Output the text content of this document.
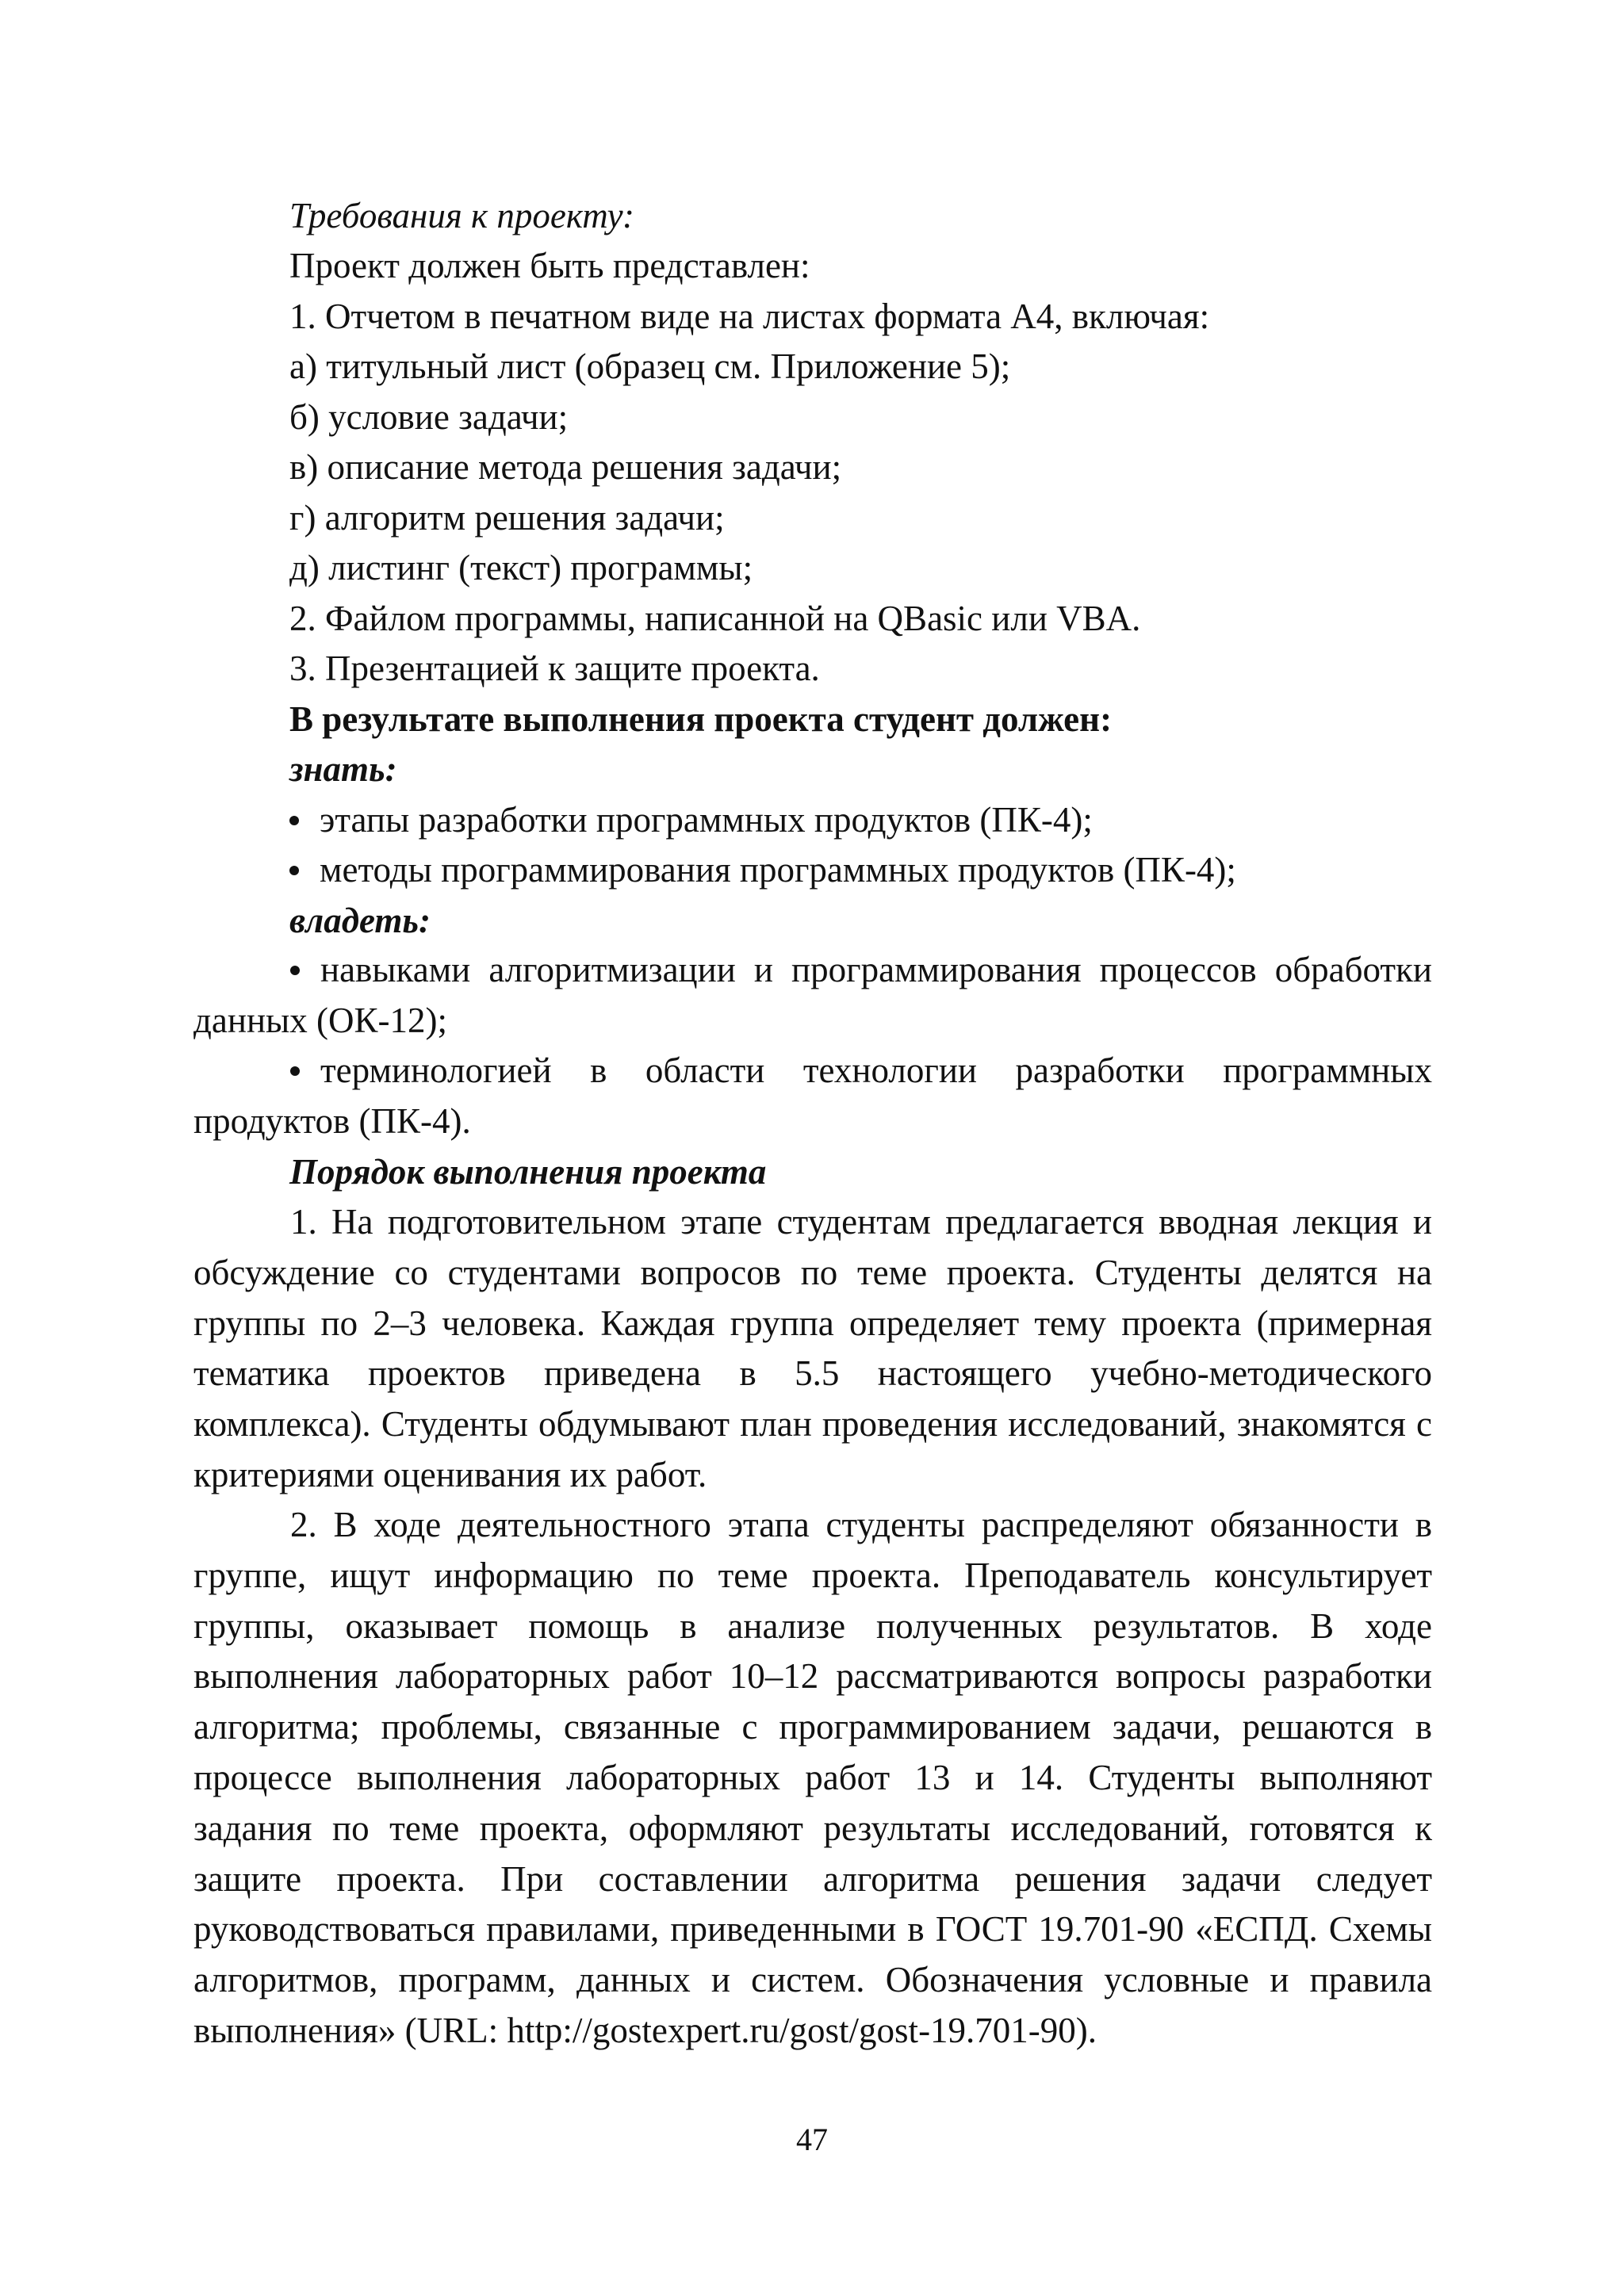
Требования к проекту:
Проект должен быть представлен:
1. Отчетом в печатном виде на листах формата А4, включая:
а) титульный лист (образец см. Приложение 5);
б) условие задачи;
в) описание метода решения задачи;
г) алгоритм решения задачи;
д) листинг (текст) программы;
2. Файлом программы, написанной на QBasic или VBA.
3. Презентацией к защите проекта.
В результате выполнения проекта студент должен:
знать:
этапы разработки программных продуктов (ПК-4);
методы программирования программных продуктов (ПК-4);
владеть:

навыками алгоритмизации и программирования процессов обработки данных (ОК-12);

терминологией в области технологии разработки программных продуктов (ПК-4).

Порядок выполнения проекта

1. На подготовительном этапе студентам предлагается вводная лекция и обсуждение со студентами вопросов по теме проекта. Студенты делятся на группы по 2–3 человека. Каждая группа определяет тему проекта (примерная тематика проектов приведена в 5.5 настоящего учебно-методического комплекса). Студенты обдумывают план проведения исследований, знакомятся с критериями оценивания их работ.

2. В ходе деятельностного этапа студенты распределяют обязанности в группе, ищут информацию по теме проекта. Преподаватель консультирует группы, оказывает помощь в анализе полученных результатов. В ходе выполнения лабораторных работ 10–12 рассматриваются вопросы разработки алгоритма; проблемы, связанные с программированием задачи, решаются в процессе выполнения лабораторных работ 13 и 14. Студенты выполняют задания по теме проекта, оформляют результаты исследований, готовятся к защите проекта. При составлении алгоритма решения задачи следует руководствоваться правилами, приведенными в ГОСТ 19.701-90 «ЕСПД. Схемы алгоритмов, программ, данных и систем. Обозначения условные и правила выполнения» (URL: http://gostexpert.ru/gost/gost-19.701-90).

47
